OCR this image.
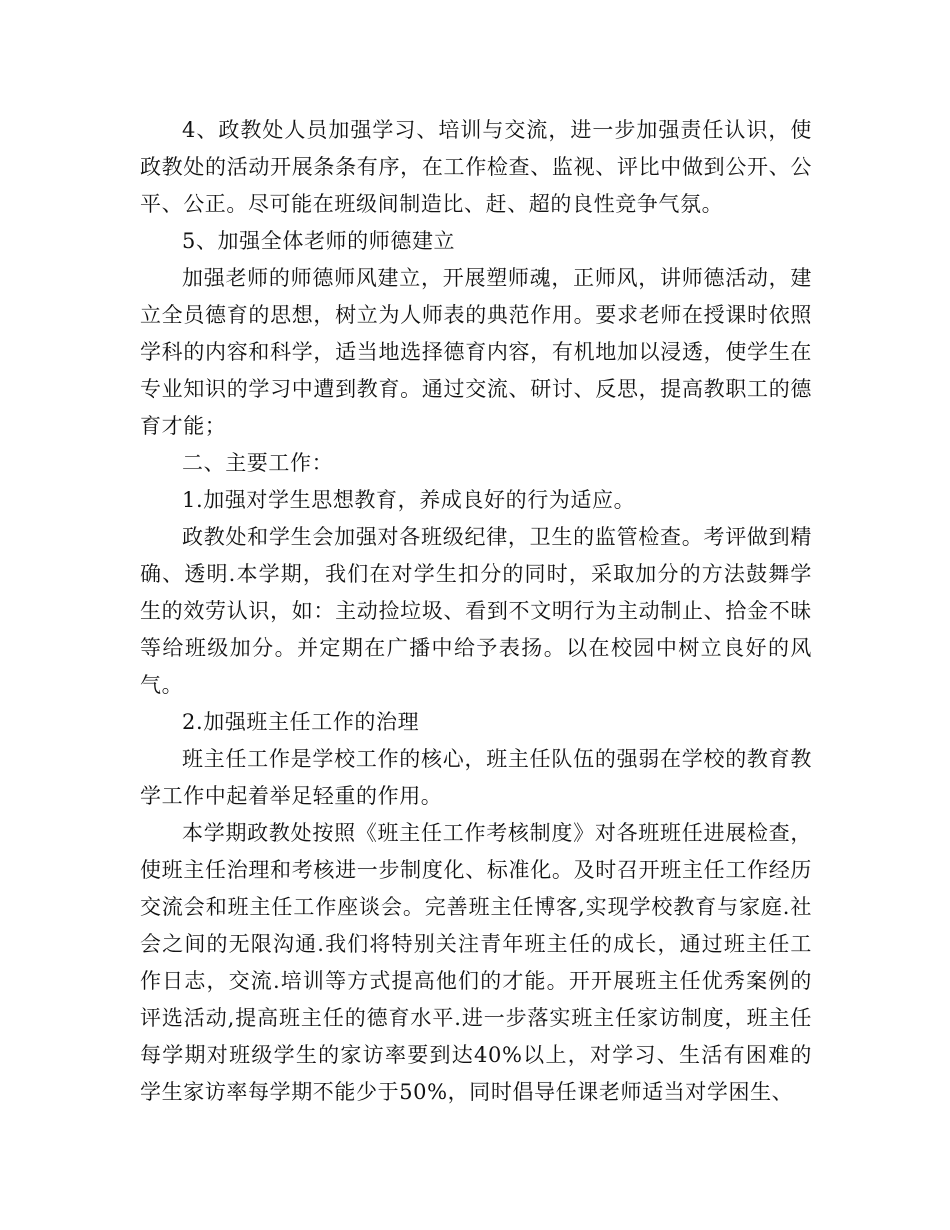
4、政教处人员加强学习、培训与交流，进一步加强责任认识，使政教处的活动开展条条有序，在工作检查、监视、评比中做到公开、公平、公正。尽可能在班级间制造比、赶、超的良性竞争气氛。

5、加强全体老师的师德建立

加强老师的师德师风建立，开展塑师魂，正师风，讲师德活动，建立全员德育的思想，树立为人师表的典范作用。要求老师在授课时依照学科的内容和科学，适当地选择德育内容，有机地加以浸透，使学生在专业知识的学习中遭到教育。通过交流、研讨、反思，提高教职工的德育才能；

二、主要工作：

1.加强对学生思想教育，养成良好的行为适应。

政教处和学生会加强对各班级纪律，卫生的监管检查。考评做到精确、透明.本学期，我们在对学生扣分的同时，采取加分的方法鼓舞学生的效劳认识，如：主动捡垃圾、看到不文明行为主动制止、拾金不昧等给班级加分。并定期在广播中给予表扬。以在校园中树立良好的风气。

2.加强班主任工作的治理

班主任工作是学校工作的核心，班主任队伍的强弱在学校的教育教学工作中起着举足轻重的作用。

本学期政教处按照《班主任工作考核制度》对各班班任进展检查，使班主任治理和考核进一步制度化、标准化。及时召开班主任工作经历交流会和班主任工作座谈会。完善班主任博客,实现学校教育与家庭.社会之间的无限沟通.我们将特别关注青年班主任的成长，通过班主任工作日志，交流.培训等方式提高他们的才能。开开展班主任优秀案例的评选活动,提高班主任的德育水平.进一步落实班主任家访制度，班主任每学期对班级学生的家访率要到达40%以上，对学习、生活有困难的学生家访率每学期不能少于50%，同时倡导任课老师适当对学困生、
